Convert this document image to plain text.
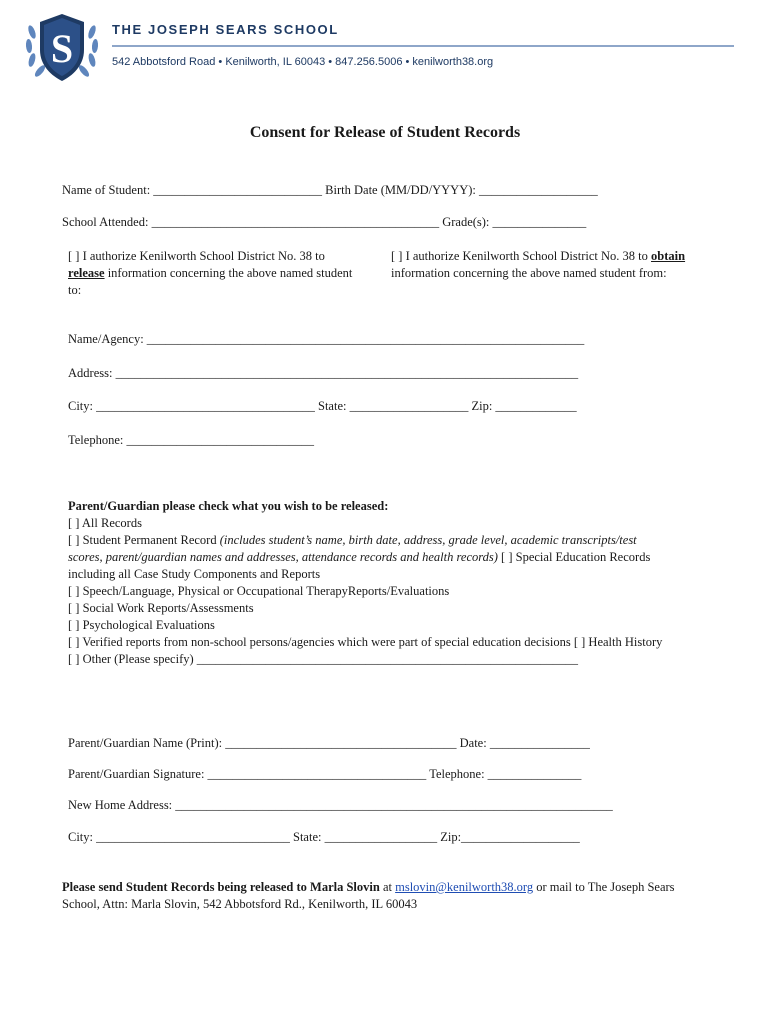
S	THE JOSEPH SEARS SCHOOL
542 Abbotsford Road • Kenilworth, IL 60043 • 847.256.5006 • kenilworth38.org
Consent for Release of Student Records
Name of Student: ___________________________ Birth Date (MM/DD/YYYY): ___________________
School Attended: ______________________________________________ Grade(s): _______________
[ ] I authorize Kenilworth School District No. 38 to release information concerning the above named student to:
[ ] I authorize Kenilworth School District No. 38 to obtain information concerning the above named student from:
Name/Agency: ______________________________________________________________________
Address: __________________________________________________________________________
City: ___________________________________ State: ___________________ Zip: _____________
Telephone: ______________________________
Parent/Guardian please check what you wish to be released:
[ ] All Records
[ ] Student Permanent Record (includes student’s name, birth date, address, grade level, academic transcripts/test scores, parent/guardian names and addresses, attendance records and health records) [ ] Special Education Records including all Case Study Components and Reports
[ ] Speech/Language, Physical or Occupational TherapyReports/Evaluations
[ ] Social Work Reports/Assessments
[ ] Psychological Evaluations
[ ] Verified reports from non-school persons/agencies which were part of special education decisions [ ] Health History
[ ] Other (Please specify) _____________________________________________________________
Parent/Guardian Name (Print): _____________________________________ Date: ________________
Parent/Guardian Signature: ___________________________________ Telephone: _______________
New Home Address: ______________________________________________________________________
City: _______________________________ State: __________________ Zip:___________________
Please send Student Records being released to Marla Slovin at mslovin@kenilworth38.org or mail to The Joseph Sears School, Attn: Marla Slovin, 542 Abbotsford Rd., Kenilworth, IL 60043
